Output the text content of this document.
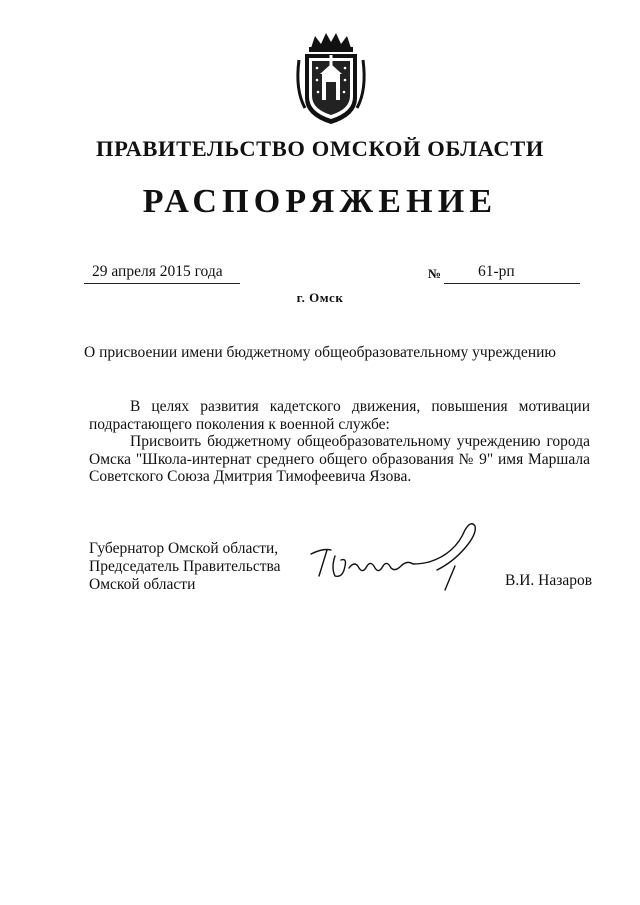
ПРАВИТЕЛЬСТВО ОМСКОЙ ОБЛАСТИ
РАСПОРЯЖЕНИЕ
29 апреля 2015 года	№ 61-рп
г. Омск
О присвоении имени бюджетному общеобразовательному учреждению

В целях развития кадетского движения, повышения мотивации подрастающего поколения к военной службе:

Присвоить бюджетному общеобразовательному учреждению города Омска "Школа-интернат среднего общего образования № 9" имя Маршала Советского Союза Дмитрия Тимофеевича Язова.

Губернатор Омской области,
Председатель Правительства
Омской области	В.И. Назаров
